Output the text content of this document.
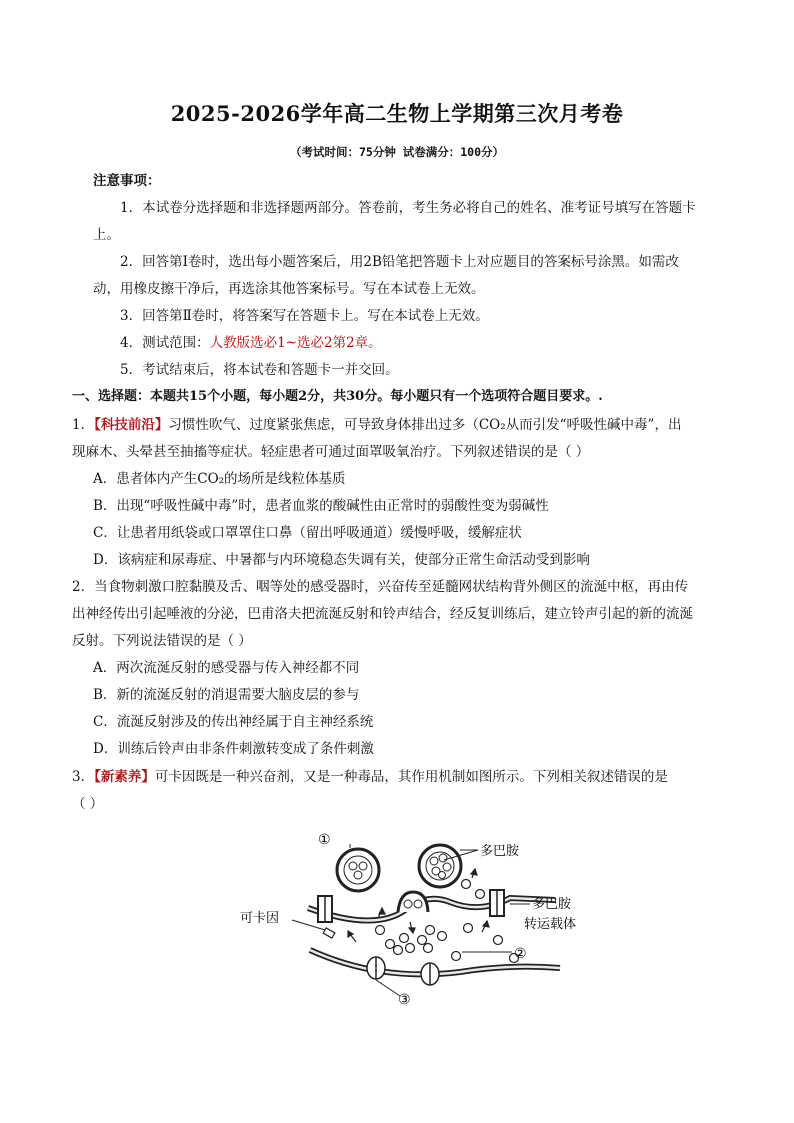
2025-2026学年高二生物上学期第三次月考卷
（考试时间：75分钟 试卷满分：100分）
注意事项：
1．本试卷分选择题和非选择题两部分。答卷前，考生务必将自己的姓名、准考证号填写在答题卡
上。
2．回答第Ⅰ卷时，选出每小题答案后，用2B铅笔把答题卡上对应题目的答案标号涂黑。如需改
动，用橡皮擦干净后，再选涂其他答案标号。写在本试卷上无效。
3．回答第Ⅱ卷时，将答案写在答题卡上。写在本试卷上无效。
4．测试范围：人教版选必1~选必2第2章。
5．考试结束后，将本试卷和答题卡一并交回。
一、选择题：本题共15个小题，每小题2分，共30分。每小题只有一个选项符合题目要求。.
1．【科技前沿】习惯性吹气、过度紧张焦虑，可导致身体排出过多（CO₂从而引发“呼吸性碱中毒”，出
现麻木、头晕甚至抽搐等症状。轻症患者可通过面罩吸氧治疗。下列叙述错误的是（ ）
A．患者体内产生CO₂的场所是线粒体基质
B．出现“呼吸性碱中毒”时，患者血浆的酸碱性由正常时的弱酸性变为弱碱性
C．让患者用纸袋或口罩罩住口鼻（留出呼吸通道）缓慢呼吸，缓解症状
D．该病症和尿毒症、中暑都与内环境稳态失调有关，使部分正常生命活动受到影响
2．当食物刺激口腔黏膜及舌、咽等处的感受器时，兴奋传至延髓网状结构背外侧区的流涎中枢，再由传
出神经传出引起唾液的分泌，巴甫洛夫把流涎反射和铃声结合，经反复训练后，建立铃声引起的新的流涎
反射。下列说法错误的是（ ）
A．两次流涎反射的感受器与传入神经都不同
B．新的流涎反射的消退需要大脑皮层的参与
C．流涎反射涉及的传出神经属于自主神经系统
D．训练后铃声由非条件刺激转变成了条件刺激
3．【新素养】可卡因既是一种兴奋剂，又是一种毒品，其作用机制如图所示。下列相关叙述错误的是
（ ）
①
多巴胺
可卡因
多巴胺
转运载体
②
③
